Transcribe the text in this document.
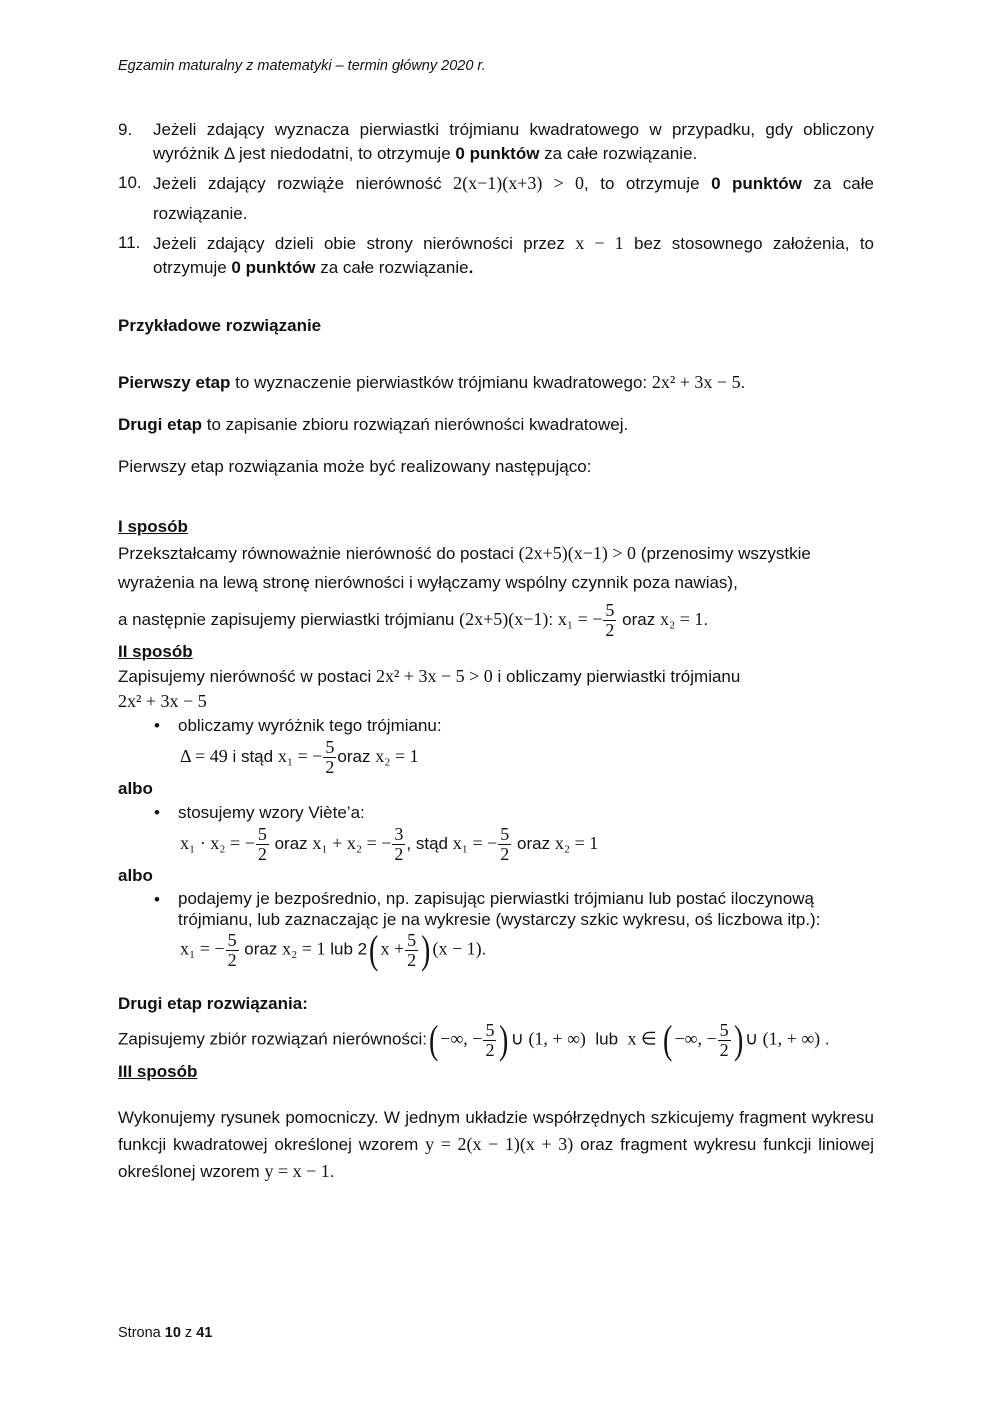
Egzamin maturalny z matematyki – termin główny 2020 r.
9.	Jeżeli zdający wyznacza pierwiastki trójmianu kwadratowego w przypadku, gdy obliczony wyróżnik Δ jest niedodatni, to otrzymuje 0 punktów za całe rozwiązanie.
10. Jeżeli zdający rozwiąże nierówność 2(x−1)(x+3) > 0, to otrzymuje 0 punktów za całe rozwiązanie.
11. Jeżeli zdający dzieli obie strony nierówności przez x − 1 bez stosownego założenia, to otrzymuje 0 punktów za całe rozwiązanie.

Przykładowe rozwiązanie

Pierwszy etap to wyznaczenie pierwiastków trójmianu kwadratowego: 2x² + 3x − 5.

Drugi etap to zapisanie zbioru rozwiązań nierówności kwadratowej.

Pierwszy etap rozwiązania może być realizowany następująco:

I sposób

Przekształcamy równoważnie nierówność do postaci (2x+5)(x−1) > 0 (przenosimy wszystkie wyrażenia na lewą stronę nierówności i wyłączamy wspólny czynnik poza nawias),

a następnie zapisujemy pierwiastki trójmianu (2x+5)(x−1): x₁ = − $\frac{5}{2}$ oraz x₂ = 1.

II sposób

Zapisujemy nierówność w postaci 2x² + 3x − 5 > 0 i obliczamy pierwiastki trójmianu

2x² + 3x − 5

•	obliczamy wyróżnik tego trójmianu:

Δ = 49 i stąd x₁ = − $\frac{5}{2}$ oraz x₂ = 1

albo

•	stosujemy wzory Viète’a:

x₁ · x₂ = − $\frac{5}{2}$ oraz x₁ + x₂ = − $\frac{3}{2}$ , stąd x₁ = − $\frac{5}{2}$ oraz x₂ = 1

albo

•	podajemy je bezpośrednio, np. zapisując pierwiastki trójmianu lub postać iloczynową trójmianu, lub zaznaczając je na wykresie (wystarczy szkic wykresu, oś liczbowa itp.):

x₁ = − $\frac{5}{2}$ oraz x₂ = 1 lub 2( $x + \frac{5}{2}$ ) (x − 1).

Drugi etap rozwiązania:

Zapisujemy zbiór rozwiązań nierówności:( −∞, − $\frac{5}{2}$ ) ∪ (1, + ∞)  lub  x ∈ ( −∞, − $\frac{5}{2}$ ) ∪ (1, + ∞) .

III sposób

Wykonujemy rysunek pomocniczy. W jednym układzie współrzędnych szkicujemy fragment wykresu funkcji kwadratowej określonej wzorem y = 2(x − 1)(x + 3) oraz fragment wykresu funkcji liniowej określonej wzorem y = x − 1.

Strona 10 z 41
